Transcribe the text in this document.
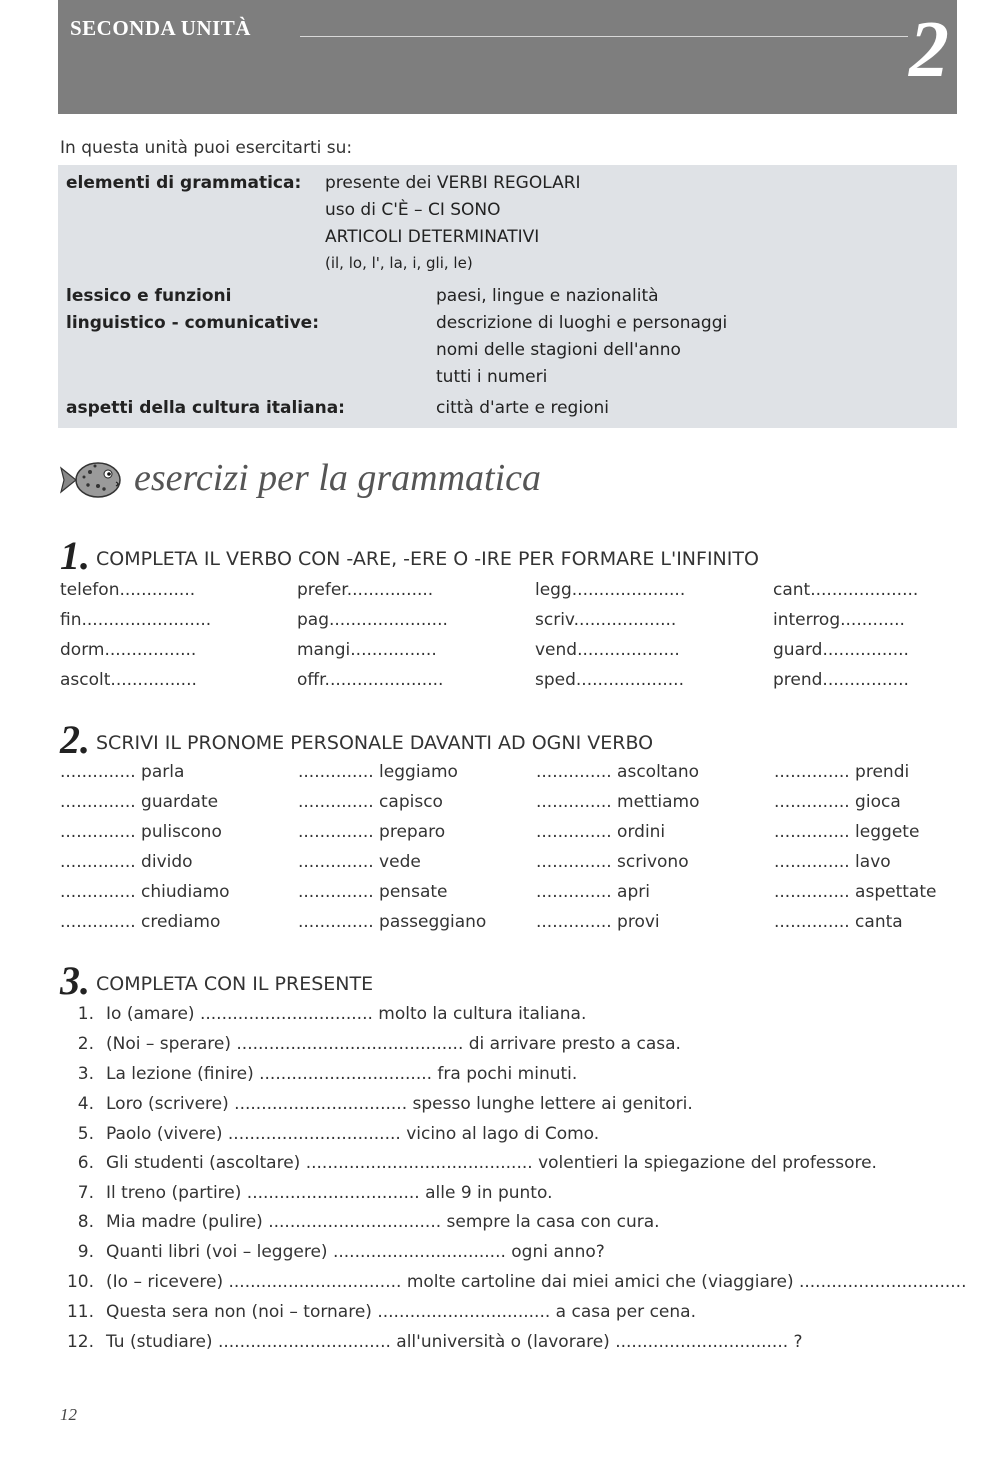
SECONDA UNITÀ	2
In questa unità puoi esercitarti su:
elementi di grammatica: presente dei VERBI REGOLARI
uso di C'È – CI SONO
ARTICOLI DETERMINATIVI
(il, lo, l', la, i, gli, le)
lessico e funzioni
linguistico - comunicative:
paesi, lingue e nazionalità
descrizione di luoghi e personaggi
nomi delle stagioni dell'anno
tutti i numeri
aspetti della cultura italiana:	città d'arte e regioni
esercizi per la grammatica
1. COMPLETA IL VERBO CON -ARE, -ERE O -IRE PER FORMARE L'INFINITO
telefon..............
fin........................
dorm.................
ascolt................
prefer................
pag......................
mangi................
offr......................
legg.....................
scriv...................
vend...................
sped....................
cant....................
interrog............
guard................
prend................
2. SCRIVI IL PRONOME PERSONALE DAVANTI AD OGNI VERBO
.............. parla
.............. guardate
.............. puliscono
.............. divido
.............. chiudiamo
.............. crediamo
.............. leggiamo
.............. capisco
.............. preparo
.............. vede
.............. pensate
.............. passeggiano
.............. ascoltano
.............. mettiamo
.............. ordini
.............. scrivono
.............. apri
.............. provi
.............. prendi
.............. gioca
.............. leggete
.............. lavo
.............. aspettate
.............. canta
3. COMPLETA CON IL PRESENTE
1. Io (amare) ................................ molto la cultura italiana.
2. (Noi – sperare) .......................................... di arrivare presto a casa.
3. La lezione (finire) ................................ fra pochi minuti.
4. Loro (scrivere) ................................ spesso lunghe lettere ai genitori.
5. Paolo (vivere) ................................ vicino al lago di Como.
6. Gli studenti (ascoltare) .......................................... volentieri la spiegazione del professore.
7. Il treno (partire) ................................ alle 9 in punto.
8. Mia madre (pulire) ................................ sempre la casa con cura.
9. Quanti libri (voi – leggere) ................................ ogni anno?
10. (Io – ricevere) ................................ molte cartoline dai miei amici che (viaggiare) ...............................
11. Questa sera non (noi – tornare) ................................ a casa per cena.
12. Tu (studiare) ................................ all'università o (lavorare) ................................ ?
12
